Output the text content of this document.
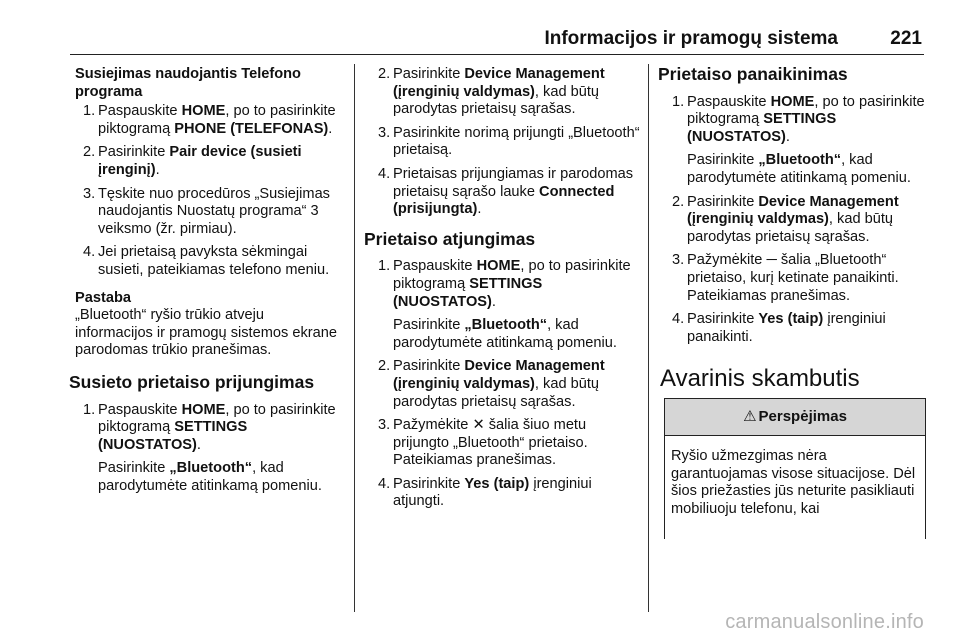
Informacijos ir pramogų sistema	221
Susiejimas naudojantis Telefono programa
1. Paspauskite HOME, po to pasirinkite piktogramą PHONE (TELEFONAS).
2. Pasirinkite Pair device (susieti įrenginį).
3. Tęskite nuo procedūros „Susiejimas naudojantis Nuostatų programa“ 3 veiksmo (žr. pirmiau).
4. Jei prietaisą pavyksta sėkmingai susieti, pateikiamas telefono meniu.
Pastaba
„Bluetooth“ ryšio trūkio atveju informacijos ir pramogų sistemos ekrane parodomas trūkio pranešimas.
Susieto prietaiso prijungimas
1. Paspauskite HOME, po to pasirinkite piktogramą SETTINGS (NUOSTATOS).
Pasirinkite „Bluetooth“, kad parodytumėte atitinkamą pomeniu.
2. Pasirinkite Device Management (įrenginių valdymas), kad būtų parodytas prietaisų sąrašas.
3. Pasirinkite norimą prijungti „Bluetooth“ prietaisą.
4. Prietaisas prijungiamas ir parodomas prietaisų sąrašo lauke Connected (prisijungta).
Prietaiso atjungimas
1. Paspauskite HOME, po to pasirinkite piktogramą SETTINGS (NUOSTATOS).
Pasirinkite „Bluetooth“, kad parodytumėte atitinkamą pomeniu.
2. Pasirinkite Device Management (įrenginių valdymas), kad būtų parodytas prietaisų sąrašas.
3. Pažymėkite ✕ šalia šiuo metu prijungto „Bluetooth“ prietaiso. Pateikiamas pranešimas.
4. Pasirinkite Yes (taip) įrenginiui atjungti.
Prietaiso panaikinimas
1. Paspauskite HOME, po to pasirinkite piktogramą SETTINGS (NUOSTATOS).
Pasirinkite „Bluetooth“, kad parodytumėte atitinkamą pomeniu.
2. Pasirinkite Device Management (įrenginių valdymas), kad būtų parodytas prietaisų sąrašas.
3. Pažymėkite ─ šalia „Bluetooth“ prietaiso, kurį ketinate panaikinti. Pateikiamas pranešimas.
4. Pasirinkite Yes (taip) įrenginiui panaikinti.
Avarinis skambutis
⚠ Perspėjimas
Ryšio užmezgimas nėra garantuojamas visose situacijose. Dėl šios priežasties jūs neturite pasikliauti mobiliuoju telefonu, kai
carmanualsonline.info
